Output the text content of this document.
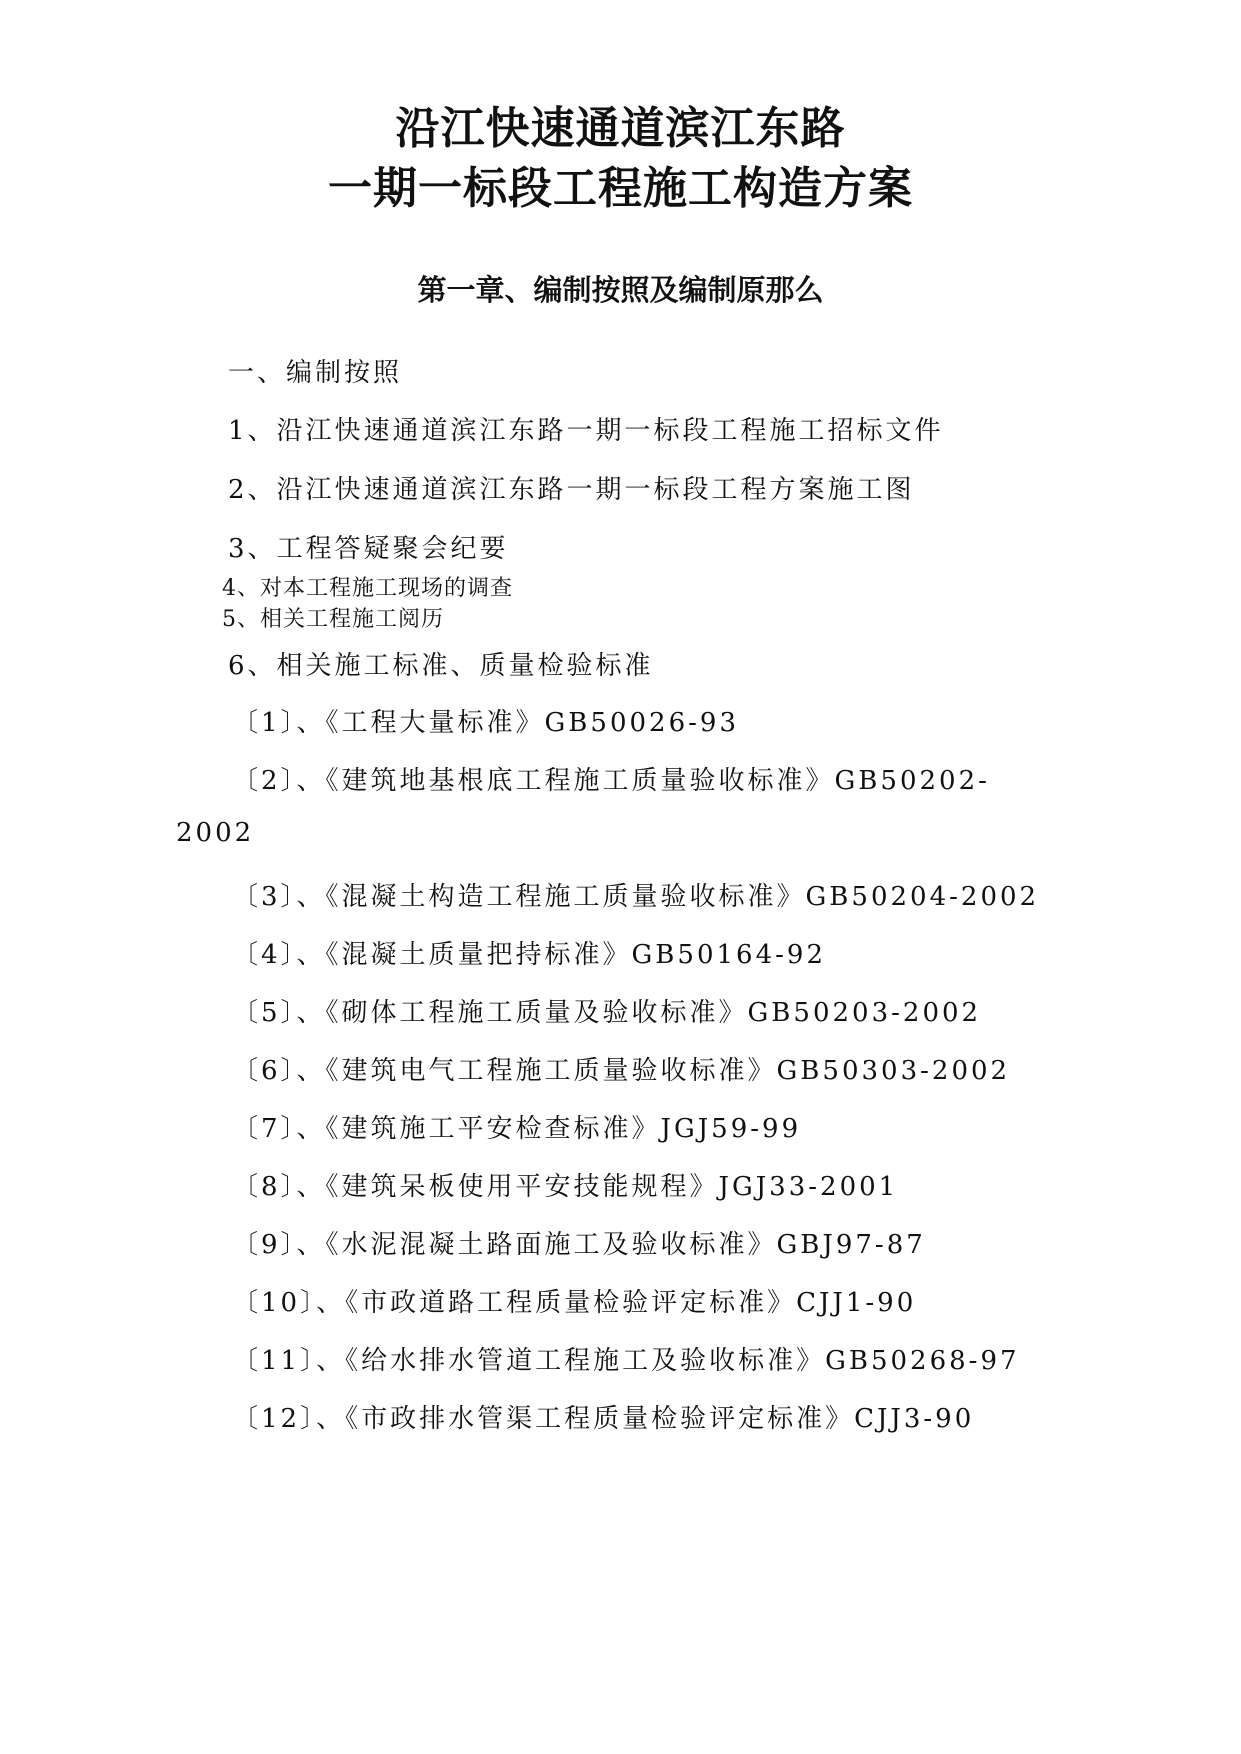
沿江快速通道滨江东路
一期一标段工程施工构造方案
第一章、编制按照及编制原那么
一、编制按照
1、沿江快速通道滨江东路一期一标段工程施工招标文件
2、沿江快速通道滨江东路一期一标段工程方案施工图
3、工程答疑聚会纪要
4、对本工程施工现场的调查
5、相关工程施工阅历
6、相关施工标准、质量检验标准
〔1〕、《工程大量标准》GB50026-93
〔2〕、《建筑地基根底工程施工质量验收标准》GB50202-
2002
〔3〕、《混凝土构造工程施工质量验收标准》GB50204-2002
〔4〕、《混凝土质量把持标准》GB50164-92
〔5〕、《砌体工程施工质量及验收标准》GB50203-2002
〔6〕、《建筑电气工程施工质量验收标准》GB50303-2002
〔7〕、《建筑施工平安检查标准》JGJ59-99
〔8〕、《建筑呆板使用平安技能规程》JGJ33-2001
〔9〕、《水泥混凝土路面施工及验收标准》GBJ97-87
〔10〕、《市政道路工程质量检验评定标准》CJJ1-90
〔11〕、《给水排水管道工程施工及验收标准》GB50268-97
〔12〕、《市政排水管渠工程质量检验评定标准》CJJ3-90
